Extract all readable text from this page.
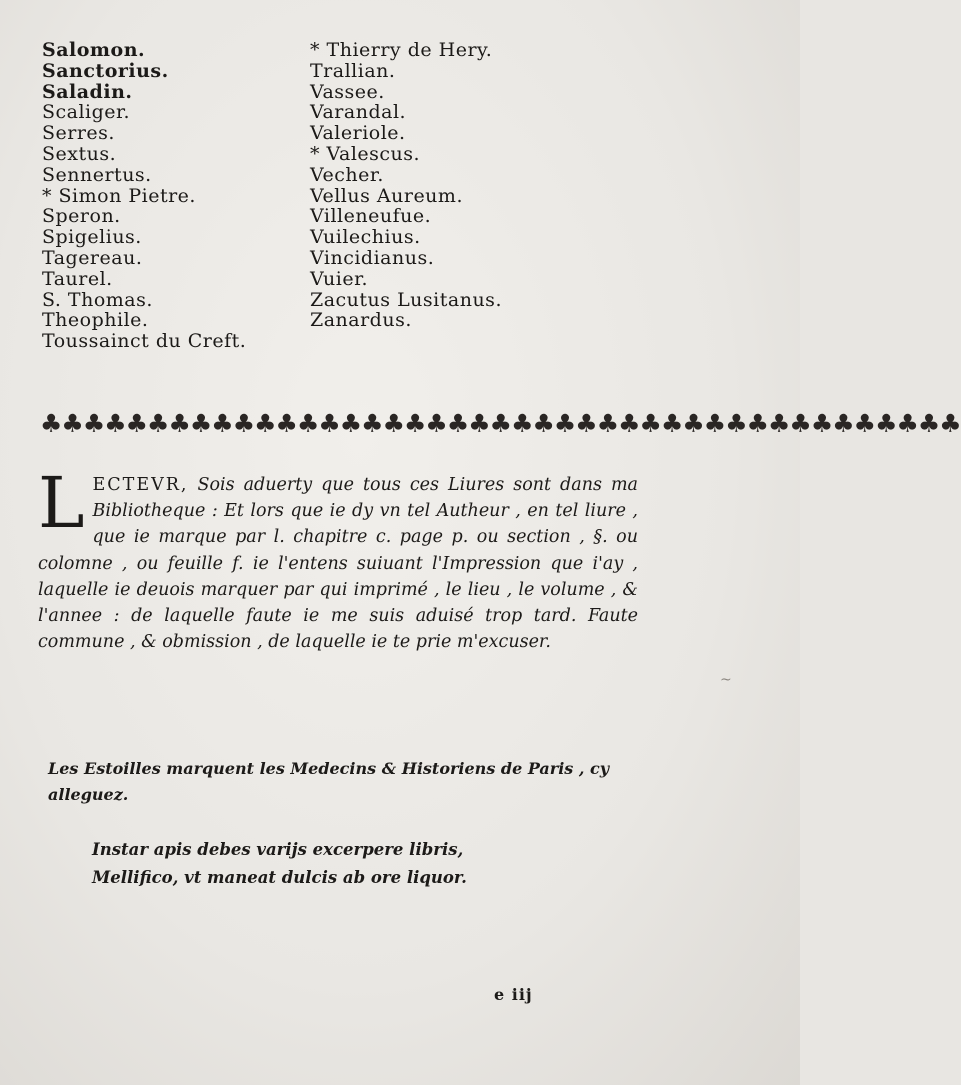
Salomon.
Sanctorius.
Saladin.
Scaliger.
Serres.
Sextus.
Sennertus.
* Simon Pietre.
Speron.
Spigelius.
Tagereau.
Taurel.
S. Thomas.
Theophile.
Toussainct du Creft.
* Thierry de Hery.
Trallian.
Vassee.
Varandal.
Valeriole.
* Valescus.
Vecher.
Vellus Aureum.
Villeneufue.
Vuilechius.
Vincidianus.
Vuier.
Zacutus Lusitanus.
Zanardus.
♣♣♣♣♣♣♣♣♣♣♣♣♣♣♣♣♣♣♣♣♣♣♣♣♣♣♣♣♣♣♣♣♣♣♣♣♣♣♣♣♣♣♣

LECTEVR, Sois aduerty que tous ces Liures sont dans ma Bibliotheque : Et lors que ie dy vn tel Autheur , en tel liure , que ie marque par l. chapitre c. page p. ou section , §. ou colomne , ou feuille f. ie l'entens suiuant l'Impression que i'ay , laquelle ie deuois marquer par qui imprimé , le lieu , le volume , & l'annee : de laquelle faute ie me suis aduisé trop tard. Faute commune , & obmission , de laquelle ie te prie m'excuser.

Les Estoilles marquent les Medecins & Historiens de Paris , cy alleguez.

Instar apis debes varijs excerpere libris,
Mellifico, vt maneat dulcis ab ore liquor.
e iij
~
